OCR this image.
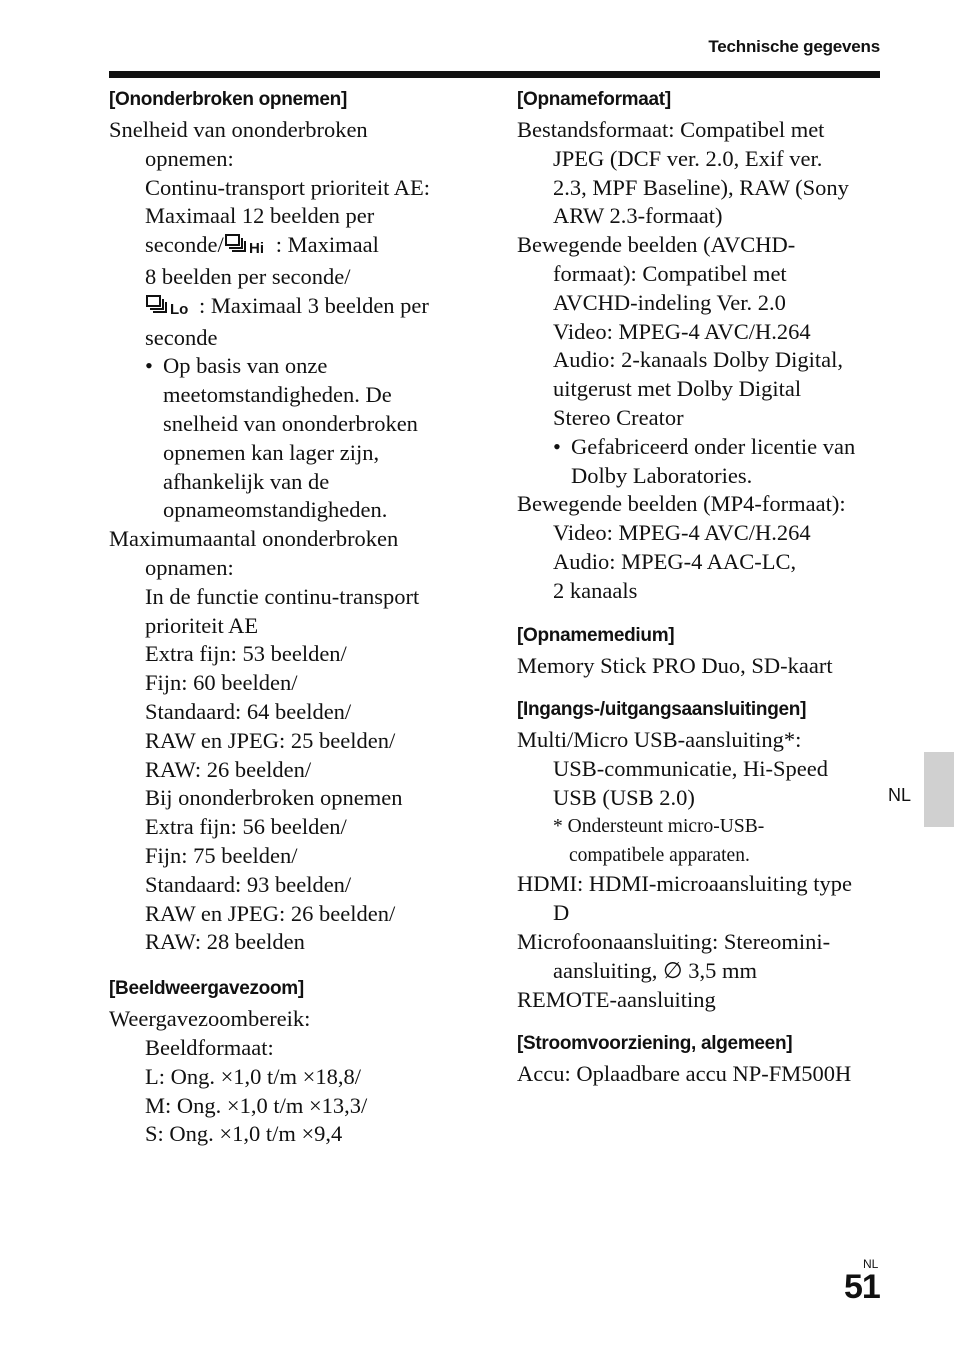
Technische gegevens
[Ononderbroken opnemen]
Snelheid van ononderbroken
opnemen:
Continu-transport prioriteit AE:
Maximaal 12 beelden per
seconde/ Hi : Maximaal
8 beelden per seconde/
Lo : Maximaal 3 beelden per
seconde
• Op basis van onze
meetomstandigheden. De
snelheid van ononderbroken
opnemen kan lager zijn,
afhankelijk van de
opnameomstandigheden.
Maximumaantal ononderbroken
opnamen:
In de functie continu-transport
prioriteit AE
Extra fijn: 53 beelden/
Fijn: 60 beelden/
Standaard: 64 beelden/
RAW en JPEG: 25 beelden/
RAW: 26 beelden/
Bij ononderbroken opnemen
Extra fijn: 56 beelden/
Fijn: 75 beelden/
Standaard: 93 beelden/
RAW en JPEG: 26 beelden/
RAW: 28 beelden
[Beeldweergavezoom]
Weergavezoombereik:
Beeldformaat:
L: Ong. ×1,0 t/m ×18,8/
M: Ong. ×1,0 t/m ×13,3/
S: Ong. ×1,0 t/m ×9,4
[Opnameformaat]
Bestandsformaat: Compatibel met
JPEG (DCF ver. 2.0, Exif ver.
2.3, MPF Baseline), RAW (Sony
ARW 2.3-formaat)
Bewegende beelden (AVCHD-
formaat): Compatibel met
AVCHD-indeling Ver. 2.0
Video: MPEG-4 AVC/H.264
Audio: 2-kanaals Dolby Digital,
uitgerust met Dolby Digital
Stereo Creator
• Gefabriceerd onder licentie van
Dolby Laboratories.
Bewegende beelden (MP4-formaat):
Video: MPEG-4 AVC/H.264
Audio: MPEG-4 AAC-LC,
2 kanaals
[Opnamemedium]
Memory Stick PRO Duo, SD-kaart
[Ingangs-/uitgangsaansluitingen]
Multi/Micro USB-aansluiting*:
USB-communicatie, Hi-Speed
USB (USB 2.0)
* Ondersteunt micro-USB-
compatibele apparaten.
HDMI: HDMI-microaansluiting type
D
Microfoonaansluiting: Stereomini-
aansluiting, ∅ 3,5 mm
REMOTE-aansluiting
[Stroomvoorziening, algemeen]
Accu: Oplaadbare accu NP-FM500H
NL
NL
51
